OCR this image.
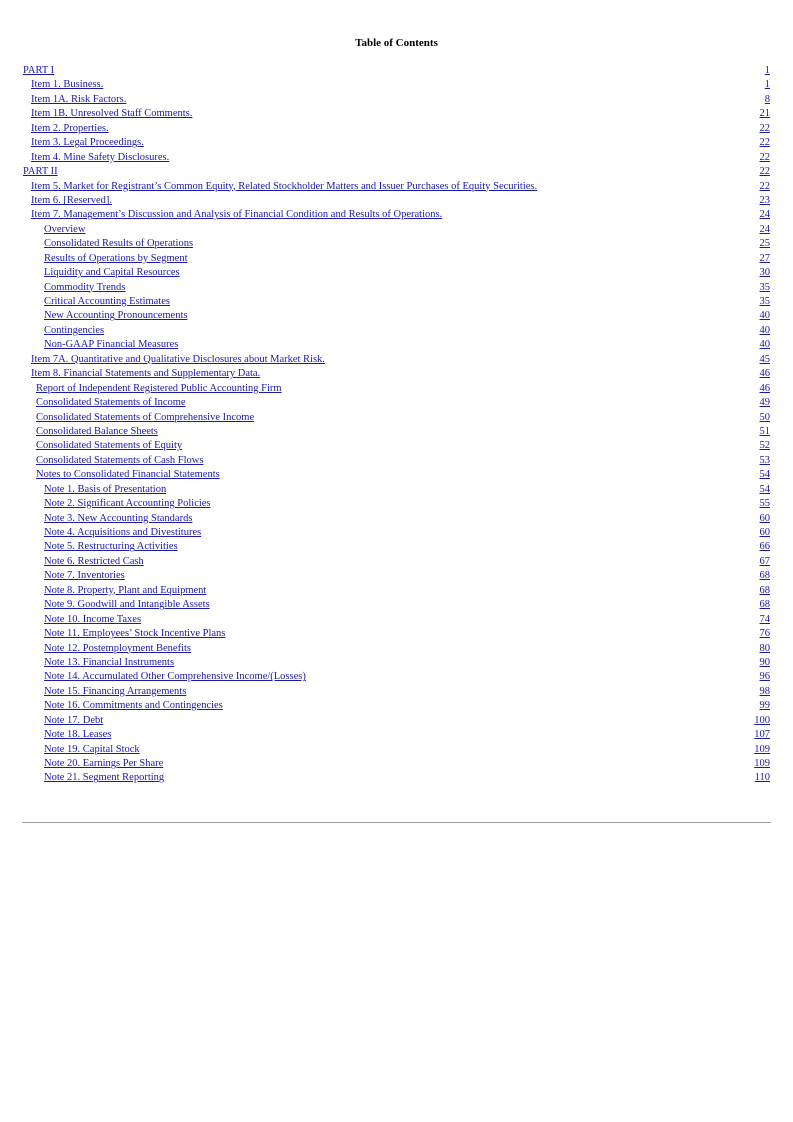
Table of Contents
PART I	1
Item 1. Business.	1
Item 1A. Risk Factors.	8
Item 1B. Unresolved Staff Comments.	21
Item 2. Properties.	22
Item 3. Legal Proceedings.	22
Item 4. Mine Safety Disclosures.	22
PART II	22
Item 5. Market for Registrant’s Common Equity, Related Stockholder Matters and Issuer Purchases of Equity Securities.	22
Item 6. [Reserved].	23
Item 7. Management’s Discussion and Analysis of Financial Condition and Results of Operations.	24
Overview	24
Consolidated Results of Operations	25
Results of Operations by Segment	27
Liquidity and Capital Resources	30
Commodity Trends	35
Critical Accounting Estimates	35
New Accounting Pronouncements	40
Contingencies	40
Non-GAAP Financial Measures	40
Item 7A. Quantitative and Qualitative Disclosures about Market Risk.	45
Item 8. Financial Statements and Supplementary Data.	46
Report of Independent Registered Public Accounting Firm	46
Consolidated Statements of Income	49
Consolidated Statements of Comprehensive Income	50
Consolidated Balance Sheets	51
Consolidated Statements of Equity	52
Consolidated Statements of Cash Flows	53
Notes to Consolidated Financial Statements	54
Note 1. Basis of Presentation	54
Note 2. Significant Accounting Policies	55
Note 3. New Accounting Standards	60
Note 4. Acquisitions and Divestitures	60
Note 5. Restructuring Activities	66
Note 6. Restricted Cash	67
Note 7. Inventories	68
Note 8. Property, Plant and Equipment	68
Note 9. Goodwill and Intangible Assets	68
Note 10. Income Taxes	74
Note 11. Employees’ Stock Incentive Plans	76
Note 12. Postemployment Benefits	80
Note 13. Financial Instruments	90
Note 14. Accumulated Other Comprehensive Income/(Losses)	96
Note 15. Financing Arrangements	98
Note 16. Commitments and Contingencies	99
Note 17. Debt	100
Note 18. Leases	107
Note 19. Capital Stock	109
Note 20. Earnings Per Share	109
Note 21. Segment Reporting	110
